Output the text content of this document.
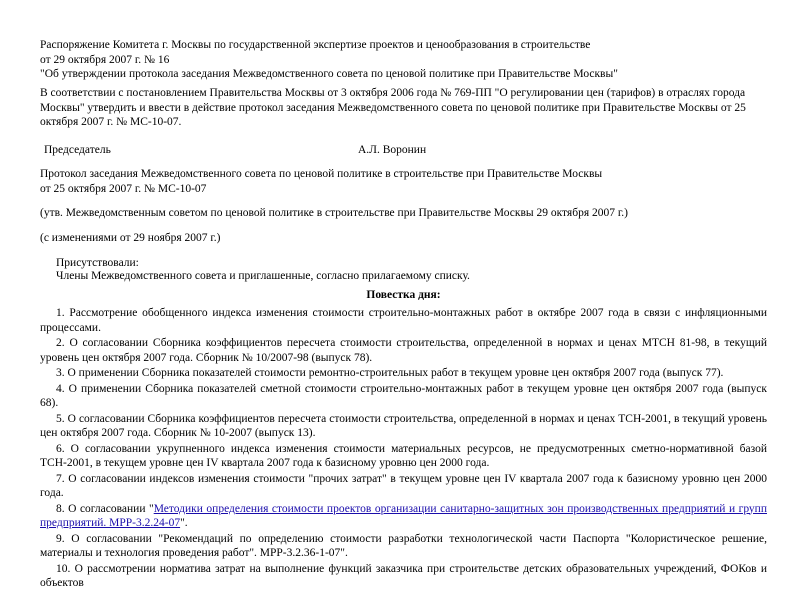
Распоряжение Комитета г. Москвы по государственной экспертизе проектов и ценообразования в строительстве
от 29 октября 2007 г. № 16
"Об утверждении протокола заседания Межведомственного совета по ценовой политике при Правительстве Москвы"

В соответствии с постановлением Правительства Москвы от 3 октября 2006 года № 769-ПП "О регулировании цен (тарифов) в отраслях города Москвы" утвердить и ввести в действие протокол заседания Межведомственного совета по ценовой политике при Правительстве Москвы от 25 октября 2007 г. № МС-10-07.

Председатель	А.Л. Воронин
Протокол заседания Межведомственного совета по ценовой политике в строительстве при Правительстве Москвы
от 25 октября 2007 г. № МС-10-07
(утв. Межведомственным советом по ценовой политике в строительстве при Правительстве Москвы 29 октября 2007 г.)
(с изменениями от 29 ноября 2007 г.)
Присутствовали:
Члены Межведомственного совета и приглашенные, согласно прилагаемому списку.
Повестка дня:
1. Рассмотрение обобщенного индекса изменения стоимости строительно-монтажных работ в октябре 2007 года в связи с инфляционными процессами.
2. О согласовании Сборника коэффициентов пересчета стоимости строительства, определенной в нормах и ценах МТСН 81-98, в текущий уровень цен октября 2007 года. Сборник № 10/2007-98 (выпуск 78).
3. О применении Сборника показателей стоимости ремонтно-строительных работ в текущем уровне цен октября 2007 года (выпуск 77).
4. О применении Сборника показателей сметной стоимости строительно-монтажных работ в текущем уровне цен октября 2007 года (выпуск 68).
5. О согласовании Сборника коэффициентов пересчета стоимости строительства, определенной в нормах и ценах ТСН-2001, в текущий уровень цен октября 2007 года. Сборник № 10-2007 (выпуск 13).
6. О согласовании укрупненного индекса изменения стоимости материальных ресурсов, не предусмотренных сметно-нормативной базой ТСН-2001, в текущем уровне цен IV квартала 2007 года к базисному уровню цен 2000 года.
7. О согласовании индексов изменения стоимости "прочих затрат" в текущем уровне цен IV квартала 2007 года к базисному уровню цен 2000 года.
8. О согласовании "Методики определения стоимости проектов организации санитарно-защитных зон производственных предприятий и групп предприятий. МРР-3.2.24-07".
9. О согласовании "Рекомендаций по определению стоимости разработки технологической части Паспорта "Колористическое решение, материалы и технология проведения работ". МРР-3.2.36-1-07".
10. О рассмотрении норматива затрат на выполнение функций заказчика при строительстве детских образовательных учреждений, ФОКов и объектов
